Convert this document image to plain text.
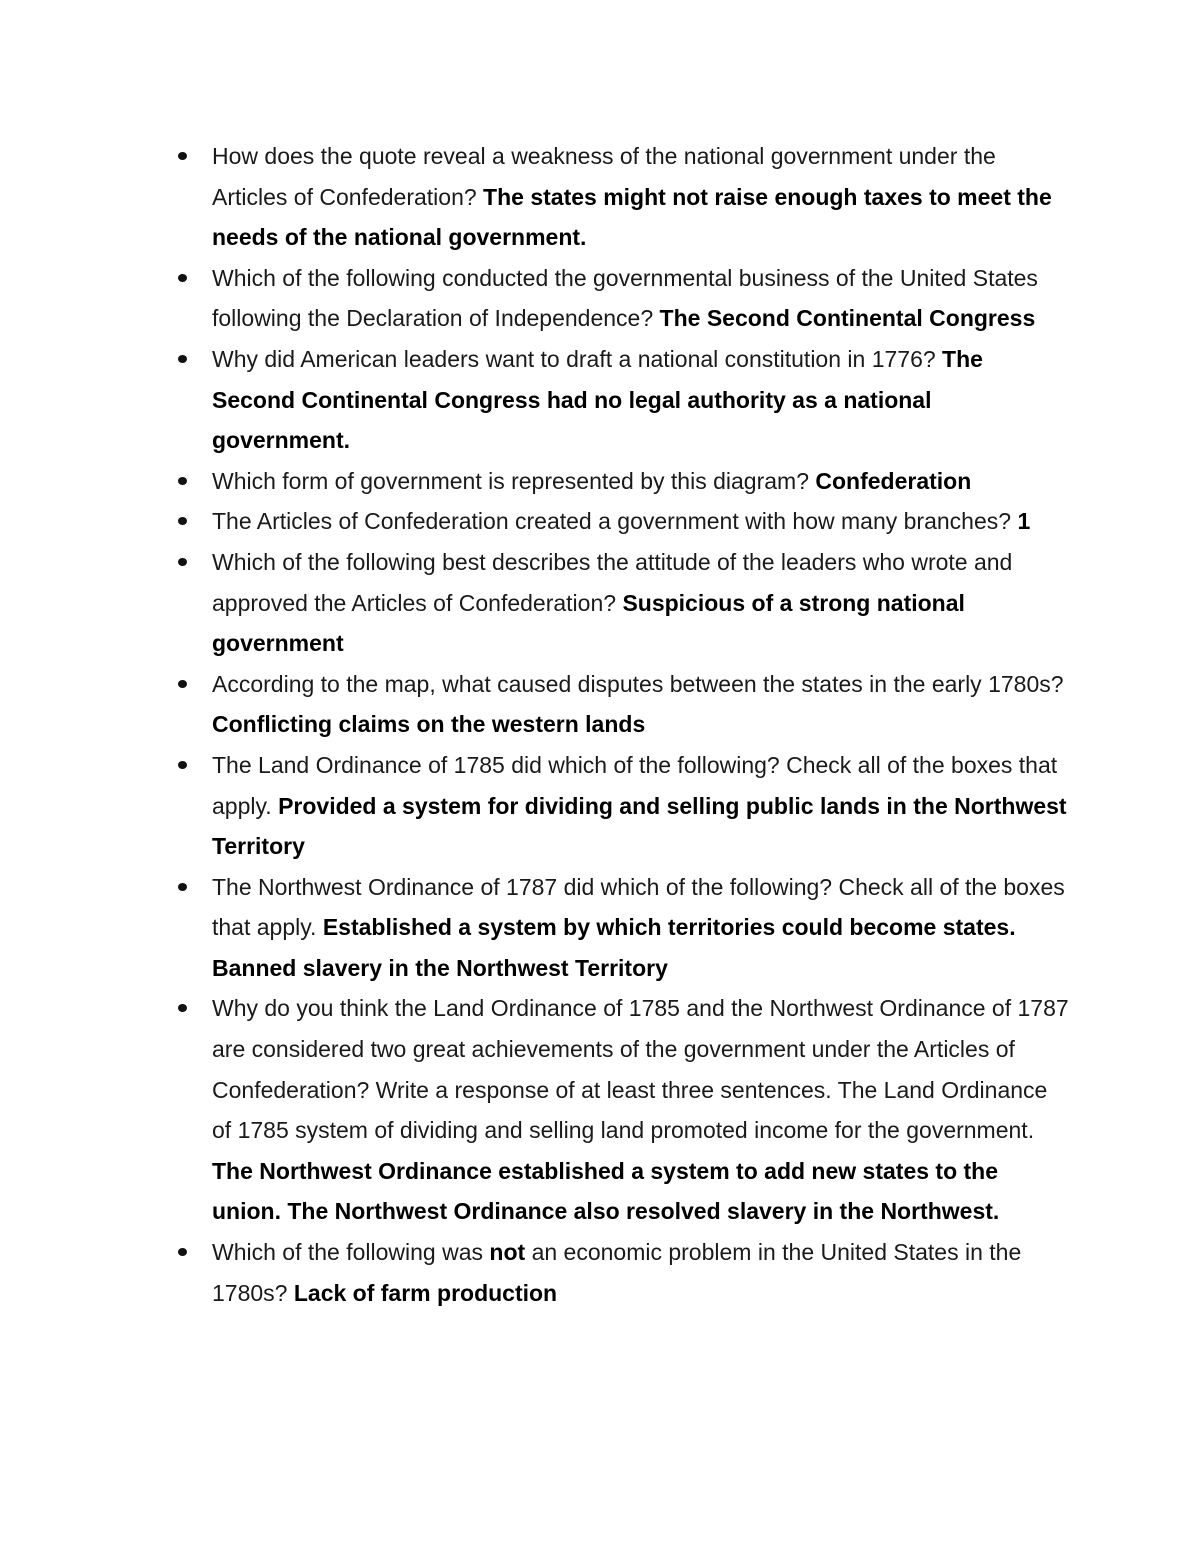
How does the quote reveal a weakness of the national government under the Articles of Confederation? The states might not raise enough taxes to meet the needs of the national government.
Which of the following conducted the governmental business of the United States following the Declaration of Independence? The Second Continental Congress
Why did American leaders want to draft a national constitution in 1776? The Second Continental Congress had no legal authority as a national government.
Which form of government is represented by this diagram? Confederation
The Articles of Confederation created a government with how many branches? 1
Which of the following best describes the attitude of the leaders who wrote and approved the Articles of Confederation? Suspicious of a strong national government
According to the map, what caused disputes between the states in the early 1780s? Conflicting claims on the western lands
The Land Ordinance of 1785 did which of the following? Check all of the boxes that apply. Provided a system for dividing and selling public lands in the Northwest Territory
The Northwest Ordinance of 1787 did which of the following? Check all of the boxes that apply. Established a system by which territories could become states. Banned slavery in the Northwest Territory
Why do you think the Land Ordinance of 1785 and the Northwest Ordinance of 1787 are considered two great achievements of the government under the Articles of Confederation? Write a response of at least three sentences. The Land Ordinance of 1785 system of dividing and selling land promoted income for the government. The Northwest Ordinance established a system to add new states to the union. The Northwest Ordinance also resolved slavery in the Northwest.
Which of the following was not an economic problem in the United States in the 1780s? Lack of farm production
